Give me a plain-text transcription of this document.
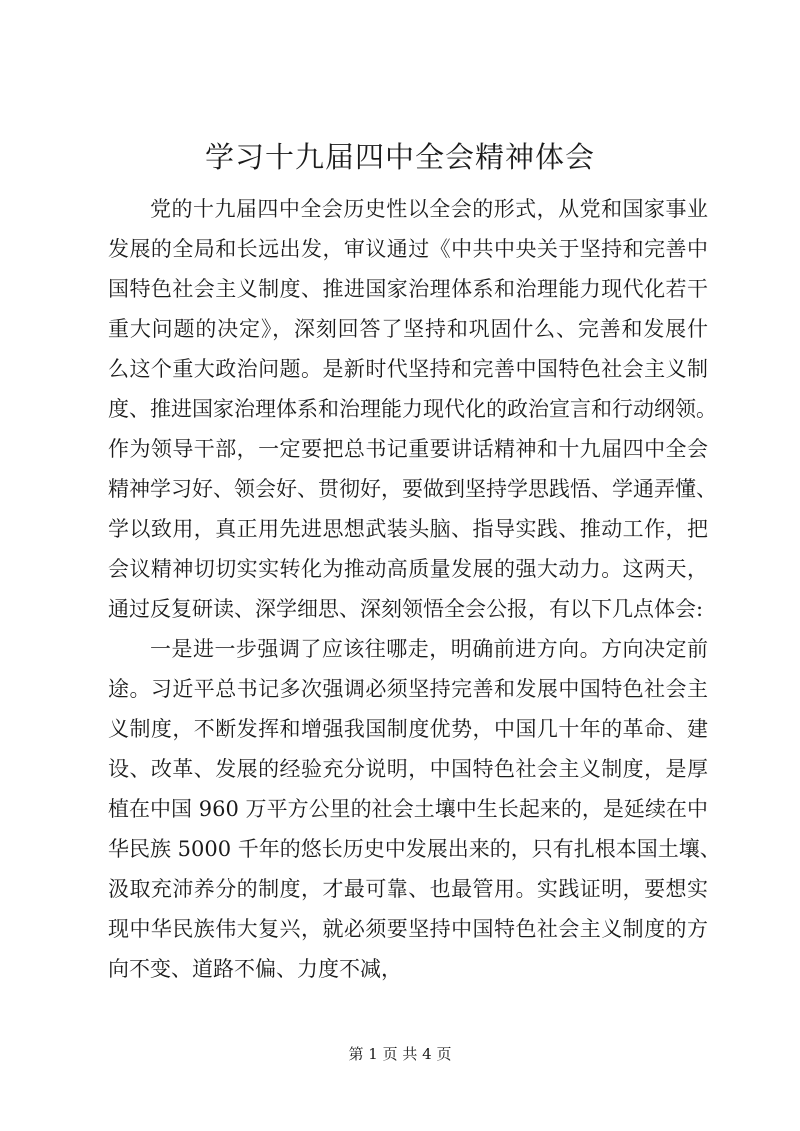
学习十九届四中全会精神体会
党的十九届四中全会历史性以全会的形式，从党和国家事业
发展的全局和长远出发，审议通过《中共中央关于坚持和完善中
国特色社会主义制度、推进国家治理体系和治理能力现代化若干
重大问题的决定》，深刻回答了坚持和巩固什么、完善和发展什
么这个重大政治问题。是新时代坚持和完善中国特色社会主义制
度、推进国家治理体系和治理能力现代化的政治宣言和行动纲领。
作为领导干部，一定要把总书记重要讲话精神和十九届四中全会
精神学习好、领会好、贯彻好，要做到坚持学思践悟、学通弄懂、
学以致用，真正用先进思想武装头脑、指导实践、推动工作，把
会议精神切切实实转化为推动高质量发展的强大动力。这两天，
通过反复研读、深学细思、深刻领悟全会公报，有以下几点体会:
一是进一步强调了应该往哪走，明确前进方向。方向决定前
途。习近平总书记多次强调必须坚持完善和发展中国特色社会主
义制度，不断发挥和增强我国制度优势，中国几十年的革命、建
设、改革、发展的经验充分说明，中国特色社会主义制度，是厚
植在中国 960 万平方公里的社会土壤中生长起来的，是延续在中
华民族 5000 千年的悠长历史中发展出来的，只有扎根本国土壤、
汲取充沛养分的制度，才最可靠、也最管用。实践证明，要想实
现中华民族伟大复兴，就必须要坚持中国特色社会主义制度的方
向不变、道路不偏、力度不减，
第 1 页 共 4 页
